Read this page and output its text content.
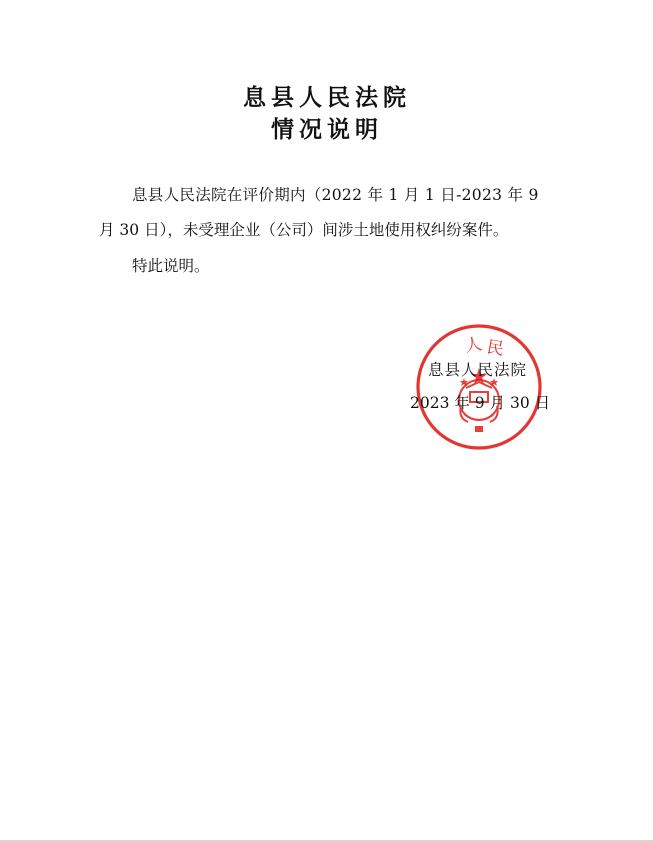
息县人民法院
情况说明
息县人民法院在评价期内（2022 年 1 月 1 日-2023 年 9
月 30 日），未受理企业（公司）间涉土地使用权纠纷案件。
特此说明。
人 民
息县人民法院
2023 年 9 月 30 日
